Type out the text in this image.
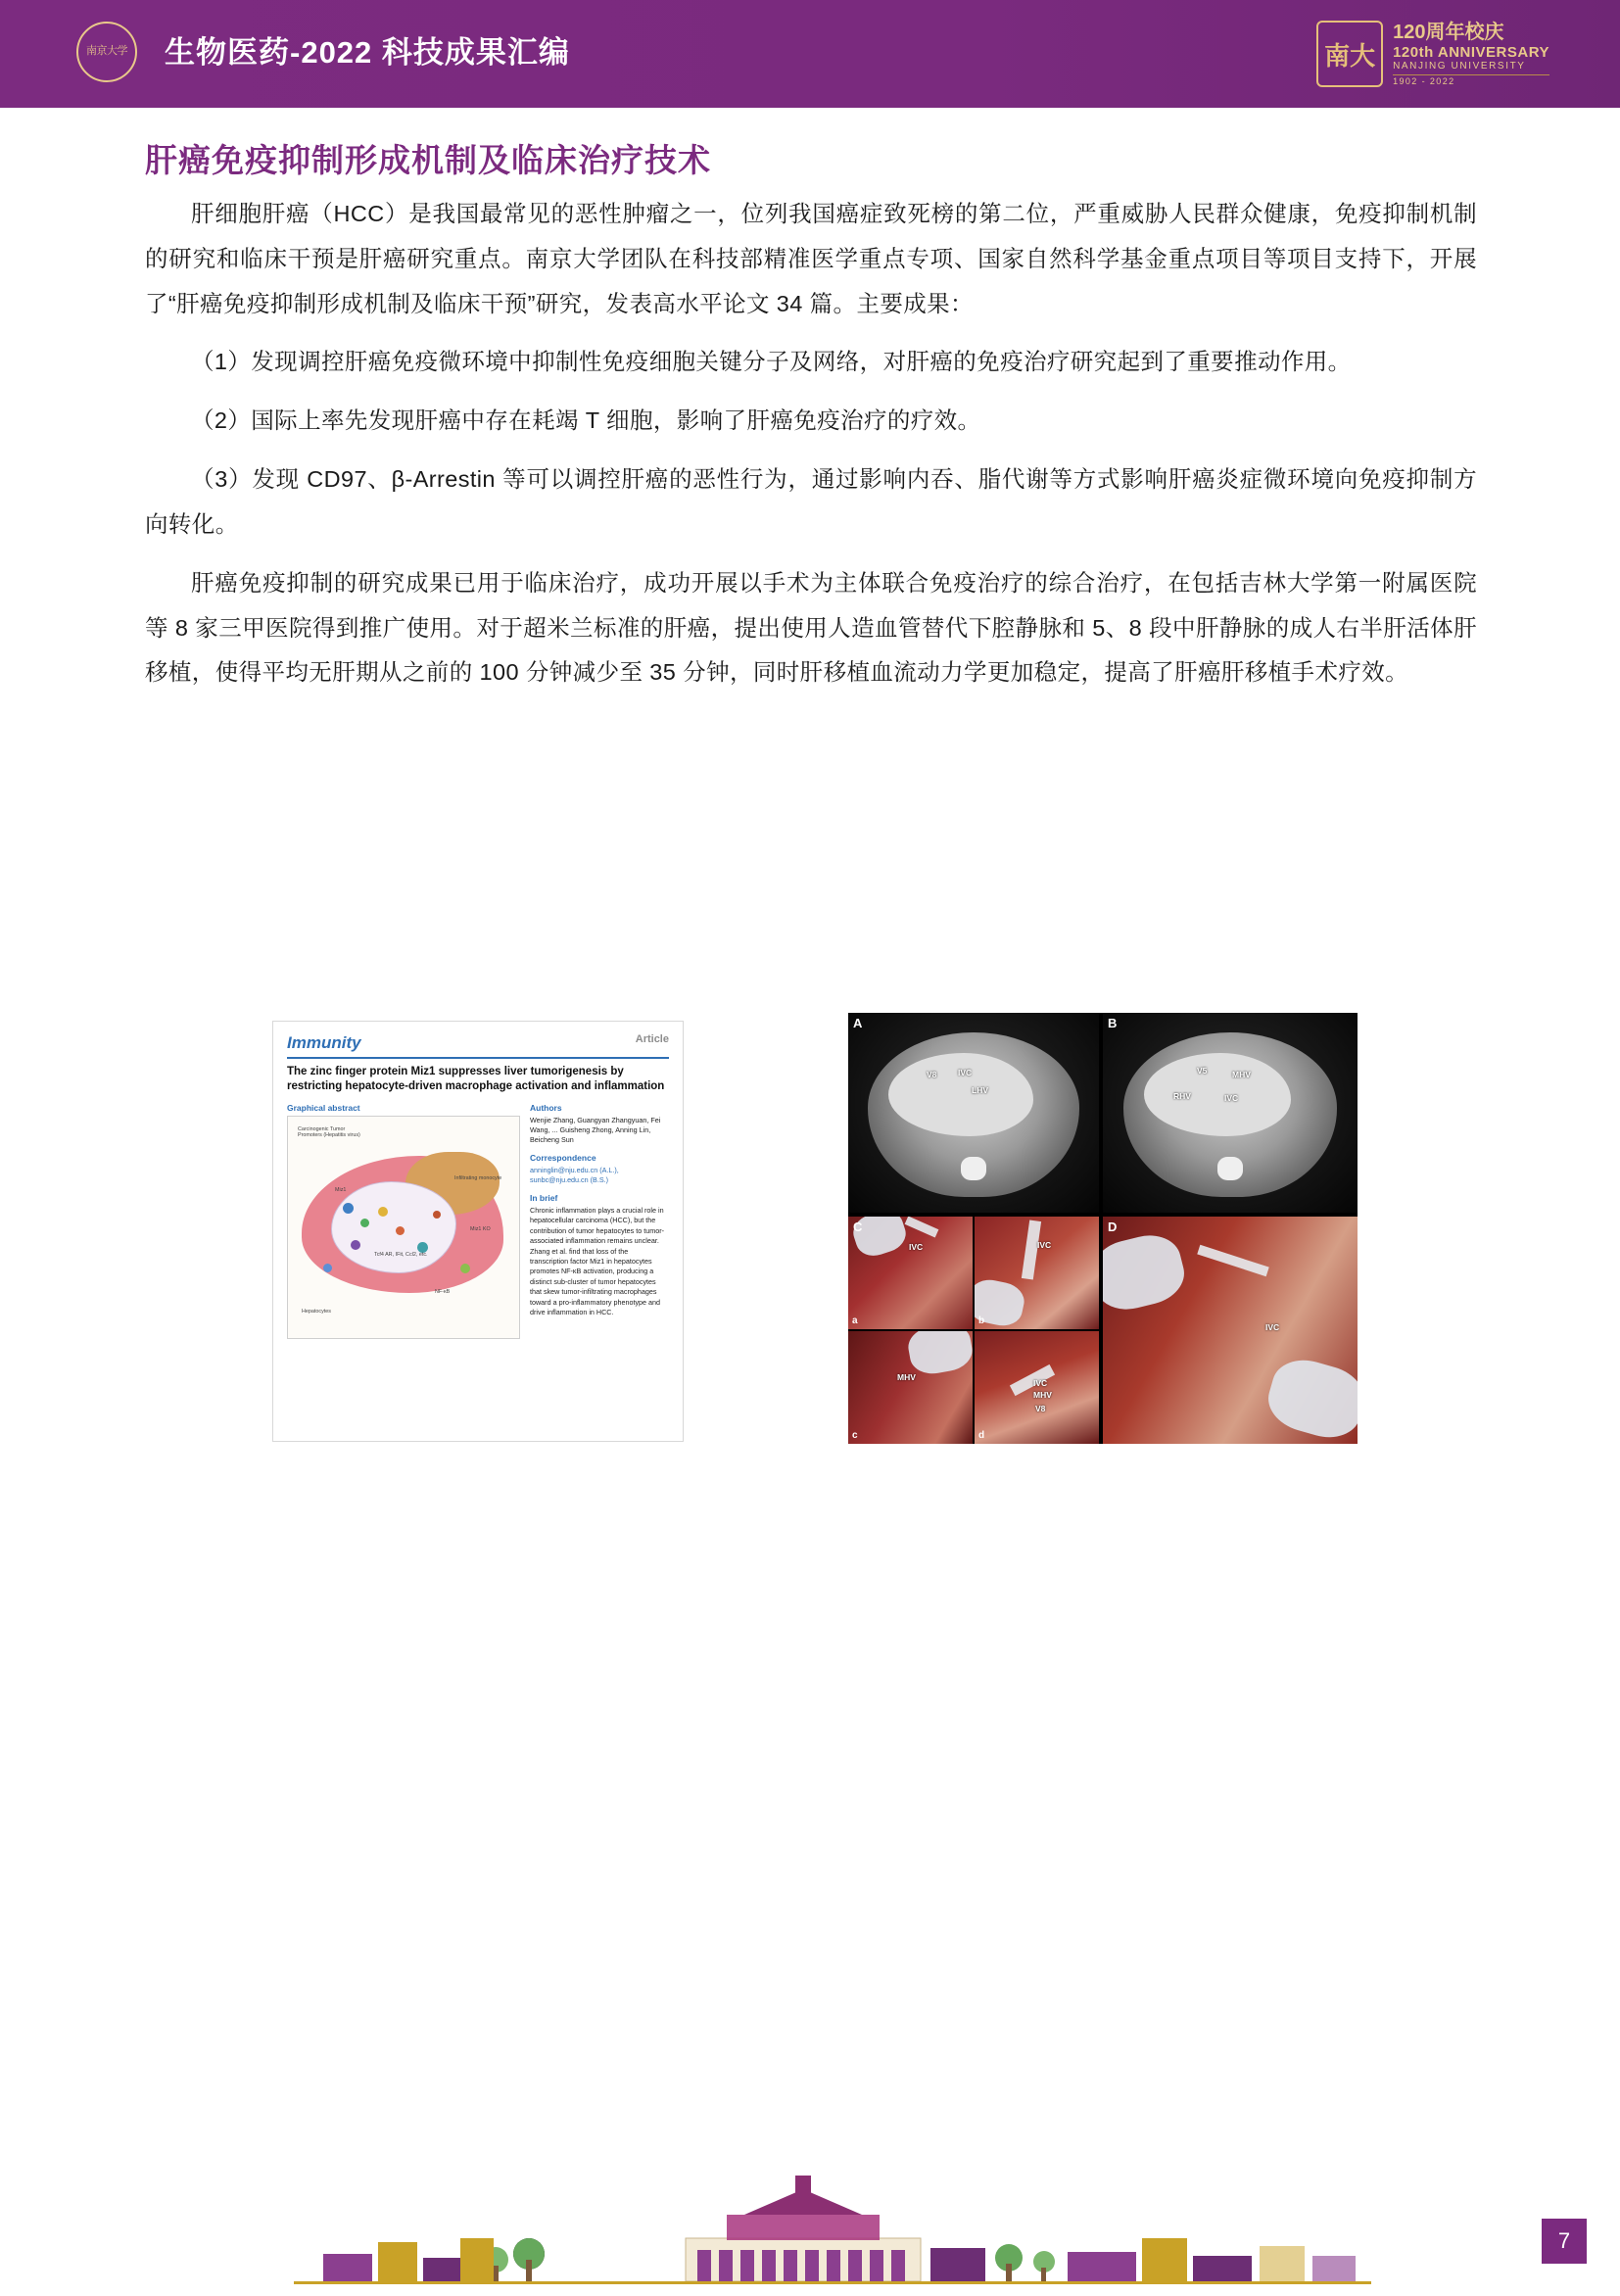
南京大学	生物医药-2022 科技成果汇编	南大
120周年校庆
120th ANNIVERSARY
NANJING UNIVERSITY
1902 - 2022
肝癌免疫抑制形成机制及临床治疗技术

肝细胞肝癌（HCC）是我国最常见的恶性肿瘤之一，位列我国癌症致死榜的第二位，严重威胁人民群众健康，免疫抑制机制的研究和临床干预是肝癌研究重点。南京大学团队在科技部精准医学重点专项、国家自然科学基金重点项目等项目支持下，开展了“肝癌免疫抑制形成机制及临床干预”研究，发表高水平论文 34 篇。主要成果：

（1）发现调控肝癌免疫微环境中抑制性免疫细胞关键分子及网络，对肝癌的免疫治疗研究起到了重要推动作用。

（2）国际上率先发现肝癌中存在耗竭 T 细胞，影响了肝癌免疫治疗的疗效。

（3）发现 CD97、β-Arrestin 等可以调控肝癌的恶性行为，通过影响内吞、脂代谢等方式影响肝癌炎症微环境向免疫抑制方向转化。

肝癌免疫抑制的研究成果已用于临床治疗，成功开展以手术为主体联合免疫治疗的综合治疗，在包括吉林大学第一附属医院等 8 家三甲医院得到推广使用。对于超米兰标准的肝癌，提出使用人造血管替代下腔静脉和 5、8 段中肝静脉的成人右半肝活体肝移植，使得平均无肝期从之前的 100 分钟减少至 35 分钟，同时肝移植血流动力学更加稳定，提高了肝癌肝移植手术疗效。

Immunity	Article
The zinc finger protein Miz1 suppresses liver tumorigenesis by restricting hepatocyte-driven macrophage activation and inflammation
Graphical abstract
Carcinogenic Tumor Promoters (Hepatitis virus)
Infiltrating monocyte
Miz1
Tcf4 AR, IFit, Ccl2, etc.
Miz1 KO
NF-κB
Hepatocytes
Authors
Wenjie Zhang, Guangyan Zhangyuan, Fei Wang, ... Guisheng Zhong, Anning Lin, Beicheng Sun
Correspondence
anninglin@nju.edu.cn (A.L.), sunbc@nju.edu.cn (B.S.)
In brief
Chronic inflammation plays a crucial role in hepatocellular carcinoma (HCC), but the contribution of tumor hepatocytes to tumor-associated inflammation remains unclear. Zhang et al. find that loss of the transcription factor Miz1 in hepatocytes promotes NF-κB activation, producing a distinct sub-cluster of tumor hepatocytes that skew tumor-infiltrating macrophages toward a pro-inflammatory phenotype and drive inflammation in HCC.
A
V8	IVC
LHV
B
V5	MHV
RHV	IVC
C
a
IVC
b
IVC
c
MHV
d
IVC
MHV
V8
D
IVC
7
